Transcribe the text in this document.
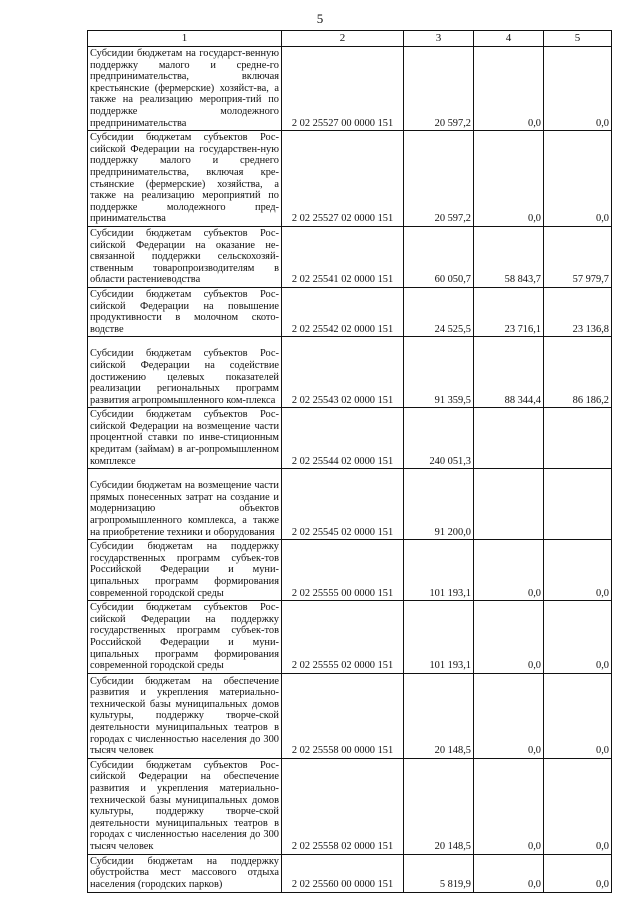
5
1	2	3	4	5
Субсидии бюджетам на государст-венную поддержку малого и средне-го предпринимательства, включая крестьянские (фермерские) хозяйст-ва, а также на реализацию мероприя-тий по поддержке молодежного предпринимательства	2 02 25527 00 0000 151	20 597,2	0,0	0,0
Субсидии бюджетам субъектов Рос-сийской Федерации на государствен-ную поддержку малого и среднего предпринимательства, включая кре-стьянские (фермерские) хозяйства, а также на реализацию мероприятий по поддержке молодежного пред-принимательства	2 02 25527 02 0000 151	20 597,2	0,0	0,0
Субсидии бюджетам субъектов Рос-сийской Федерации на оказание не-связанной поддержки сельскохозяй-ственным товаропроизводителям в области растениеводства	2 02 25541 02 0000 151	60 050,7	58 843,7	57 979,7
Субсидии бюджетам субъектов Рос-сийской Федерации на повышение продуктивности в молочном ското-водстве	2 02 25542 02 0000 151	24 525,5	23 716,1	23 136,8
Субсидии бюджетам субъектов Рос-сийской Федерации на содействие достижению целевых показателей реализации региональных программ развития агропромышленного ком-плекса	2 02 25543 02 0000 151	91 359,5	88 344,4	86 186,2
Субсидии бюджетам субъектов Рос-сийской Федерации на возмещение части процентной ставки по инве-стиционным кредитам (займам) в аг-ропромышленном комплексе	2 02 25544 02 0000 151	240 051,3		
Субсидии бюджетам на возмещение части прямых понесенных затрат на создание и модернизацию объектов агропромышленного комплекса, а также на приобретение техники и оборудования	2 02 25545 02 0000 151	91 200,0		
Субсидии бюджетам на поддержку государственных программ субъек-тов Российской Федерации и муни-ципальных программ формирования современной городской среды	2 02 25555 00 0000 151	101 193,1	0,0	0,0
Субсидии бюджетам субъектов Рос-сийской Федерации на поддержку государственных программ субъек-тов Российской Федерации и муни-ципальных программ формирования современной городской среды	2 02 25555 02 0000 151	101 193,1	0,0	0,0
Субсидии бюджетам на обеспечение развития и укрепления материально-технической базы муниципальных домов культуры, поддержку творче-ской деятельности муниципальных театров в городах с численностью населения до 300 тысяч человек	2 02 25558 00 0000 151	20 148,5	0,0	0,0
Субсидии бюджетам субъектов Рос-сийской Федерации на обеспечение развития и укрепления материально-технической базы муниципальных домов культуры, поддержку творче-ской деятельности муниципальных театров в городах с численностью населения до 300 тысяч человек	2 02 25558 02 0000 151	20 148,5	0,0	0,0
Субсидии бюджетам на поддержку обустройства мест массового отдыха населения (городских парков)	2 02 25560 00 0000 151	5 819,9	0,0	0,0
